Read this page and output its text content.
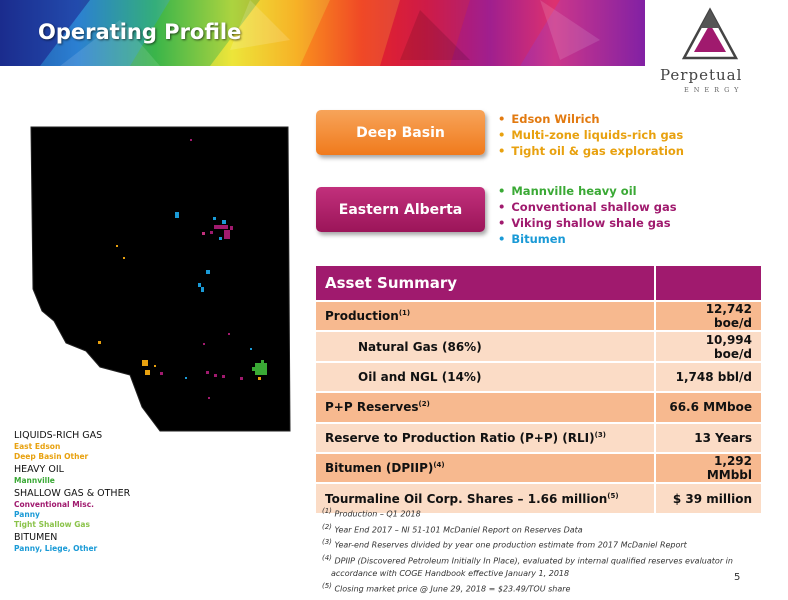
Operating Profile
Perpetual
ENERGY
LIQUIDS-RICH GAS
East Edson
Deep Basin Other
HEAVY OIL
Mannville
SHALLOW GAS & OTHER
Conventional Misc.
Panny
Tight Shallow Gas
BITUMEN
Panny, Liege, Other
Deep Basin
• Edson Wilrich
• Multi-zone liquids-rich gas
• Tight oil & gas exploration
Eastern Alberta
• Mannville heavy oil
• Conventional shallow gas
• Viking shallow shale gas
• Bitumen
Asset Summary	
Production$^{(1)}$	12,742 boe/d
Natural Gas (86%)	10,994 boe/d
Oil and NGL (14%)	1,748 bbl/d
P+P Reserves$^{(2)}$	66.6 MMboe
Reserve to Production Ratio (P+P) (RLI)$^{(3)}$	13 Years
Bitumen (DPIIP)$^{(4)}$	1,292 MMbbl
Tourmaline Oil Corp. Shares – 1.66 million$^{(5)}$	$ 39 million
$^{(1)}$ Production – Q1 2018
$^{(2)}$ Year End 2017 – NI 51-101 McDaniel Report on Reserves Data
$^{(3)}$ Year-end Reserves divided by year one production estimate from 2017 McDaniel Report
$^{(4)}$ DPIIP (Discovered Petroleum Initially In Place), evaluated by internal qualified reserves evaluator in
accordance with COGE Handbook effective January 1, 2018
$^{(5)}$ Closing market price @ June 29, 2018 = $23.49/TOU share
5
